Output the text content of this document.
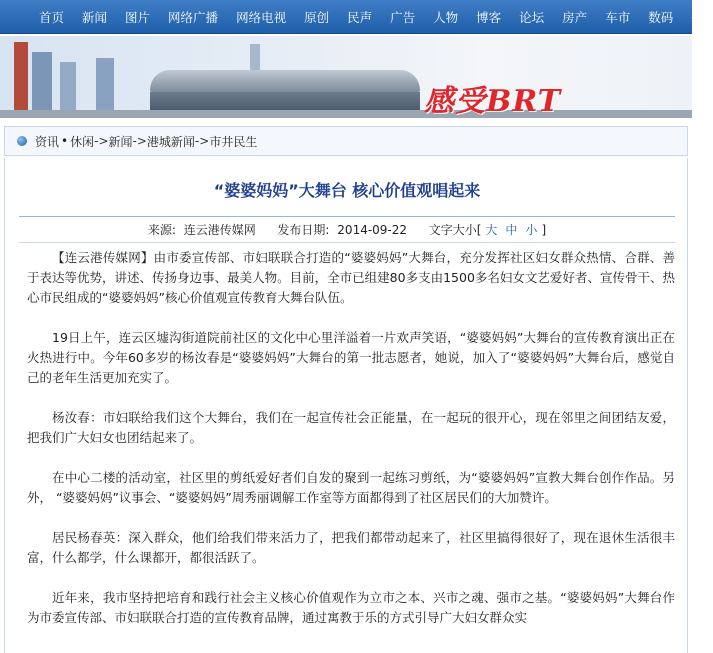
首页	新闻	图片	网络广播	网络电视	原创	民声	广告	人物	博客	论坛	房产	车市	数码	健
感受BRT
资讯 • 休闲 -> 新闻 -> 港城新闻 -> 市井民生
“婆婆妈妈”大舞台 核心价值观唱起来
来源: 连云港传媒网 发布日期: 2014-09-22 文字大小[ 大 中 小 ]

【连云港传媒网】由市委宣传部、市妇联联合打造的“婆婆妈妈”大舞台，充分发挥社区妇女群众热情、合群、善于表达等优势，讲述、传扬身边事、最美人物。目前，全市已组建80多支由1500多名妇女文艺爱好者、宣传骨干、热心市民组成的“婆婆妈妈”核心价值观宣传教育大舞台队伍。

19日上午，连云区墟沟街道院前社区的文化中心里洋溢着一片欢声笑语，“婆婆妈妈”大舞台的宣传教育演出正在火热进行中。今年60多岁的杨汝春是“婆婆妈妈”大舞台的第一批志愿者，她说，加入了“婆婆妈妈”大舞台后，感觉自己的老年生活更加充实了。

杨汝春：市妇联给我们这个大舞台，我们在一起宣传社会正能量，在一起玩的很开心，现在邻里之间团结友爱，把我们广大妇女也团结起来了。

在中心二楼的活动室，社区里的剪纸爱好者们自发的聚到一起练习剪纸，为“婆婆妈妈”宣教大舞台创作作品。另外， “婆婆妈妈”议事会、“婆婆妈妈”周秀丽调解工作室等方面都得到了社区居民们的大加赞许。

居民杨春英：深入群众，他们给我们带来活力了，把我们都带动起来了，社区里搞得很好了，现在退休生活很丰富，什么都学，什么课都开，都很活跃了。

近年来，我市坚持把培育和践行社会主义核心价值观作为立市之本、兴市之魂、强市之基。“婆婆妈妈”大舞台作为市委宣传部、市妇联联合打造的宣传教育品牌，通过寓教于乐的方式引导广大妇女群众实
